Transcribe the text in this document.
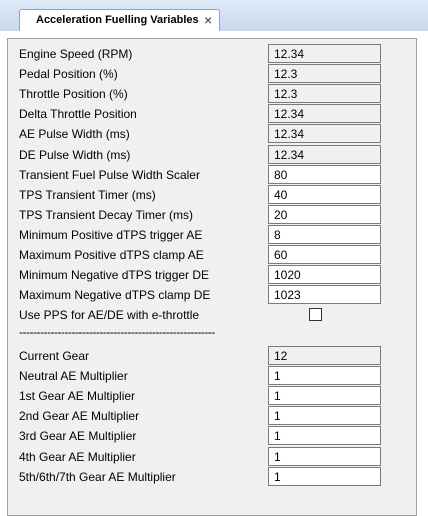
Acceleration Fuelling Variables ×
Engine Speed (RPM)	12.34
Pedal Position (%)	12.3
Throttle Position (%)	12.3
Delta Throttle Position	12.34
AE Pulse Width (ms)	12.34
DE Pulse Width (ms)	12.34
Transient Fuel Pulse Width Scaler	80
TPS Transient Timer (ms)	40
TPS Transient Decay Timer (ms)	20
Minimum Positive dTPS trigger AE	8
Maximum Positive dTPS clamp AE	60
Minimum Negative dTPS trigger DE	1020
Maximum Negative dTPS clamp DE	1023
Use PPS for AE/DE with e-throttle
--------------------------------------------------------
Current Gear	12
Neutral AE Multiplier	1
1st Gear AE Multiplier	1
2nd Gear AE Multiplier	1
3rd Gear AE Multiplier	1
4th Gear AE Multiplier	1
5th/6th/7th Gear AE Multiplier	1
